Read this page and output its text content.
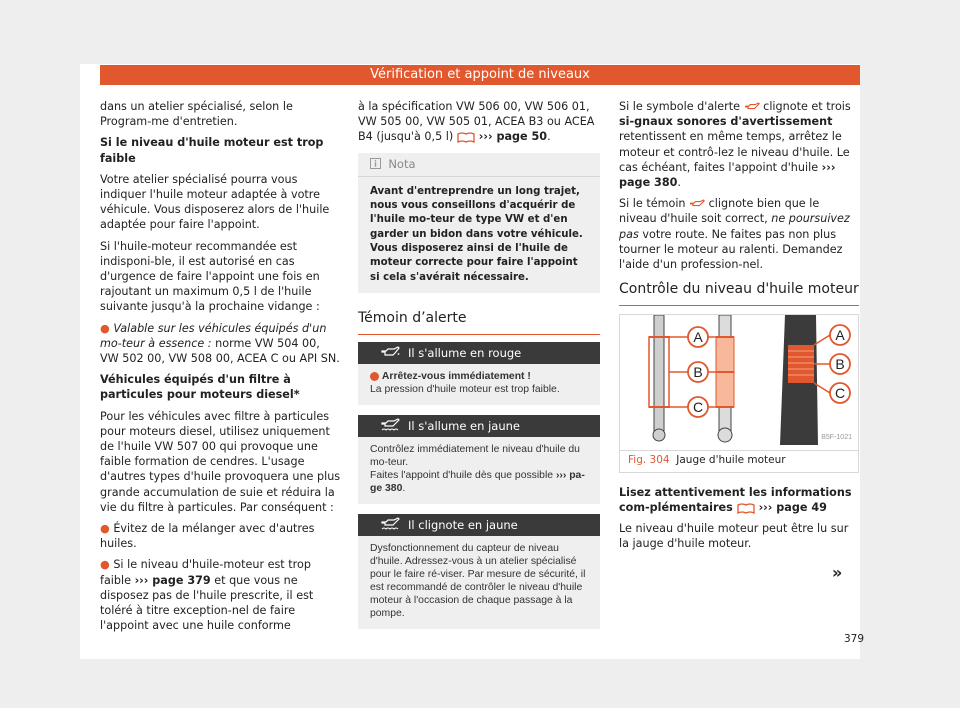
Vérification et appoint de niveaux

dans un atelier spécialisé, selon le Program-me d'entretien.

Si le niveau d'huile moteur est trop faible

Votre atelier spécialisé pourra vous indiquer l'huile moteur adaptée à votre véhicule. Vous disposerez alors de l'huile adaptée pour faire l'appoint.

Si l'huile-moteur recommandée est indisponi-ble, il est autorisé en cas d'urgence de faire l'appoint une fois en rajoutant un maximum 0,5 l de l'huile suivante jusqu'à la prochaine vidange :

● Valable sur les véhicules équipés d'un mo-teur à essence : norme VW 504 00, VW 502 00, VW 508 00, ACEA C ou API SN.

Véhicules équipés d'un filtre à particules pour moteurs diesel*

Pour les véhicules avec filtre à particules pour moteurs diesel, utilisez uniquement de l'huile VW 507 00 qui provoque une faible formation de cendres. L'usage d'autres types d'huile provoquera une plus grande accumulation de suie et réduira la vie du filtre à particules. Par conséquent :

● Évitez de la mélanger avec d'autres huiles.

● Si le niveau d'huile-moteur est trop faible ››› page 379 et que vous ne disposez pas de l'huile prescrite, il est toléré à titre exception-nel de faire l'appoint avec une huile conforme

à la spécification VW 506 00, VW 506 01, VW 505 00, VW 505 01, ACEA B3 ou ACEA B4 (jusqu'à 0,5 l)  ››› page 50.

Nota
Avant d'entreprendre un long trajet, nous vous conseillons d'acquérir de l'huile mo-teur de type VW et d'en garder un bidon dans votre véhicule. Vous disposerez ainsi de l'huile de moteur correcte pour faire l'appoint si cela s'avérait nécessaire.
Témoin d’alerte
Il s'allume en rouge
Arrêtez-vous immédiatement !
La pression d'huile moteur est trop faible.
Il s'allume en jaune
Contrôlez immédiatement le niveau d'huile du mo-teur.
Faites l'appoint d'huile dès que possible ››› pa-ge 380.
Il clignote en jaune
Dysfonctionnement du capteur de niveau d'huile. Adressez-vous à un atelier spécialisé pour le faire ré-viser. Par mesure de sécurité, il est recommandé de contrôler le niveau d'huile moteur à l'occasion de chaque passage à la pompe.

Si le symbole d'alerte  clignote et trois si-gnaux sonores d'avertissement retentissent en même temps, arrêtez le moteur et contrô-lez le niveau d'huile. Le cas échéant, faites l'appoint d'huile ››› page 380.

Si le témoin  clignote bien que le niveau d'huile soit correct, ne poursuivez pas votre route. Ne faites pas non plus tourner le moteur au ralenti. Demandez l'aide d'un profession-nel.

Contrôle du niveau d'huile moteur
A
B
C
A
B
C
B5F-1021
Fig. 304 Jauge d'huile moteur

Lisez attentivement les informations com-plémentaires  ››› page 49

Le niveau d'huile moteur peut être lu sur la jauge d'huile moteur.

»
379
